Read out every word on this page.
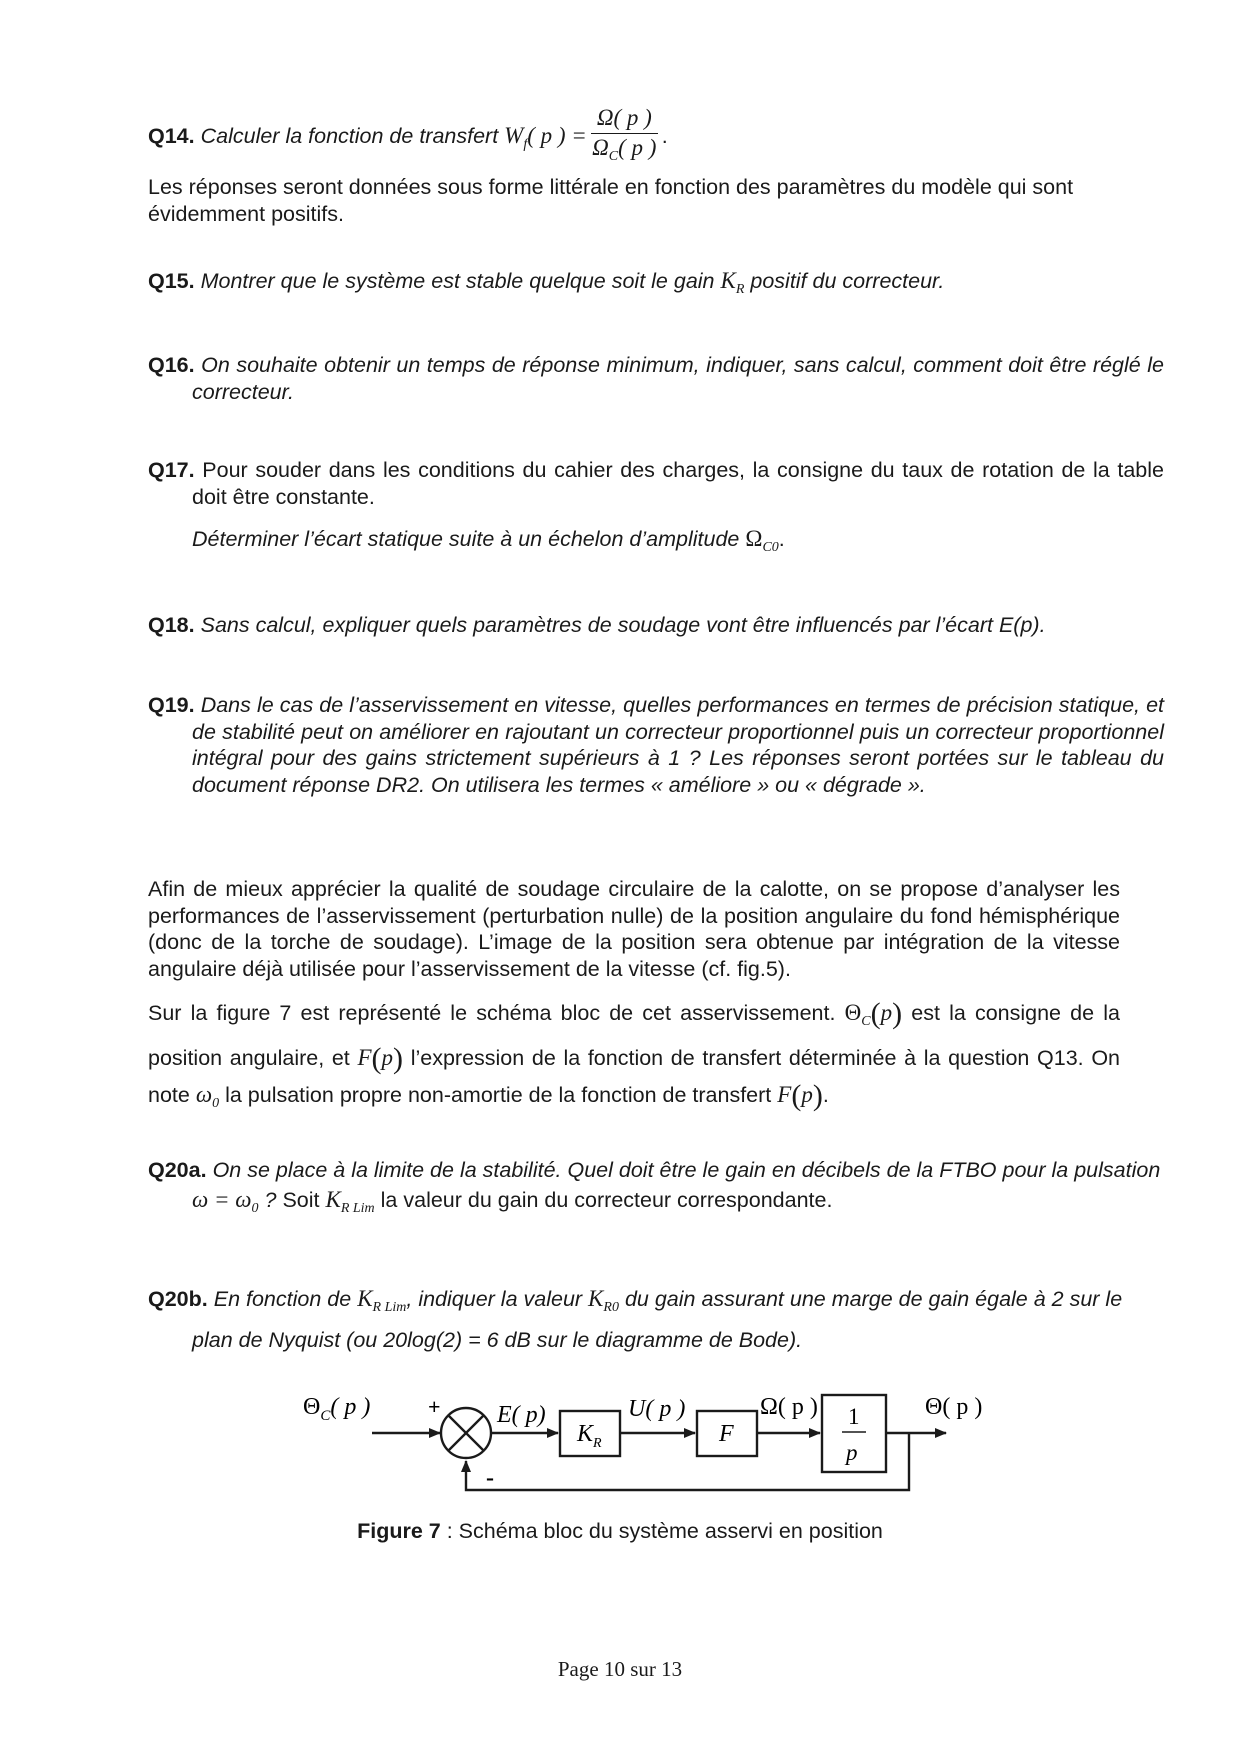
Q14. Calculer la fonction de transfert $W_f$( p ) = $\frac{\Omega( p )}{\Omega_C( p )}$ .
Les réponses seront données sous forme littérale en fonction des paramètres du modèle qui sont évidemment positifs.
Q15. Montrer que le système est stable quelque soit le gain $K_R$ positif du correcteur.
Q16. On souhaite obtenir un temps de réponse minimum, indiquer, sans calcul, comment doit être réglé le correcteur.
Q17. Pour souder dans les conditions du cahier des charges, la consigne du taux de rotation de la table doit être constante.
Déterminer l’écart statique suite à un échelon d’amplitude $\Omega_{C0}$.
Q18. Sans calcul, expliquer quels paramètres de soudage vont être influencés par l’écart E(p).
Q19. Dans le cas de l’asservissement en vitesse, quelles performances en termes de précision statique, et de stabilité peut on améliorer en rajoutant un correcteur proportionnel puis un correcteur proportionnel intégral pour des gains strictement supérieurs à 1 ? Les réponses seront portées sur le tableau du document réponse DR2. On utilisera les termes « améliore » ou « dégrade ».
Afin de mieux apprécier la qualité de soudage circulaire de la calotte, on se propose d’analyser les performances de l’asservissement (perturbation nulle) de la position angulaire du fond hémisphérique (donc de la torche de soudage). L’image de la position sera obtenue par intégration de la vitesse angulaire déjà utilisée pour l’asservissement de la vitesse (cf. fig.5).
Sur la figure 7 est représenté le schéma bloc de cet asservissement. $\Theta_C(p)$ est la consigne de la position angulaire, et F(p) l’expression de la fonction de transfert déterminée à la question Q13. On note $\omega_0$ la pulsation propre non-amortie de la fonction de transfert F(p).
Q20a. On se place à la limite de la stabilité. Quel doit être le gain en décibels de la FTBO pour la pulsation $\omega = \omega_0$ ? Soit $K_{R Lim}$ la valeur du gain du correcteur correspondante.
Q20b. En fonction de $K_{R Lim}$, indiquer la valeur $K_{R0}$ du gain assurant une marge de gain égale à 2 sur le plan de Nyquist (ou 20log(2) = 6 dB sur le diagramme de Bode).
$\Theta_C$( p )	+ E( p)
$K_R$
U( p )
F
Ω( p ) 1
p
Θ( p )
-
Figure 7 : Schéma bloc du système asservi en position
Page 10 sur 13
